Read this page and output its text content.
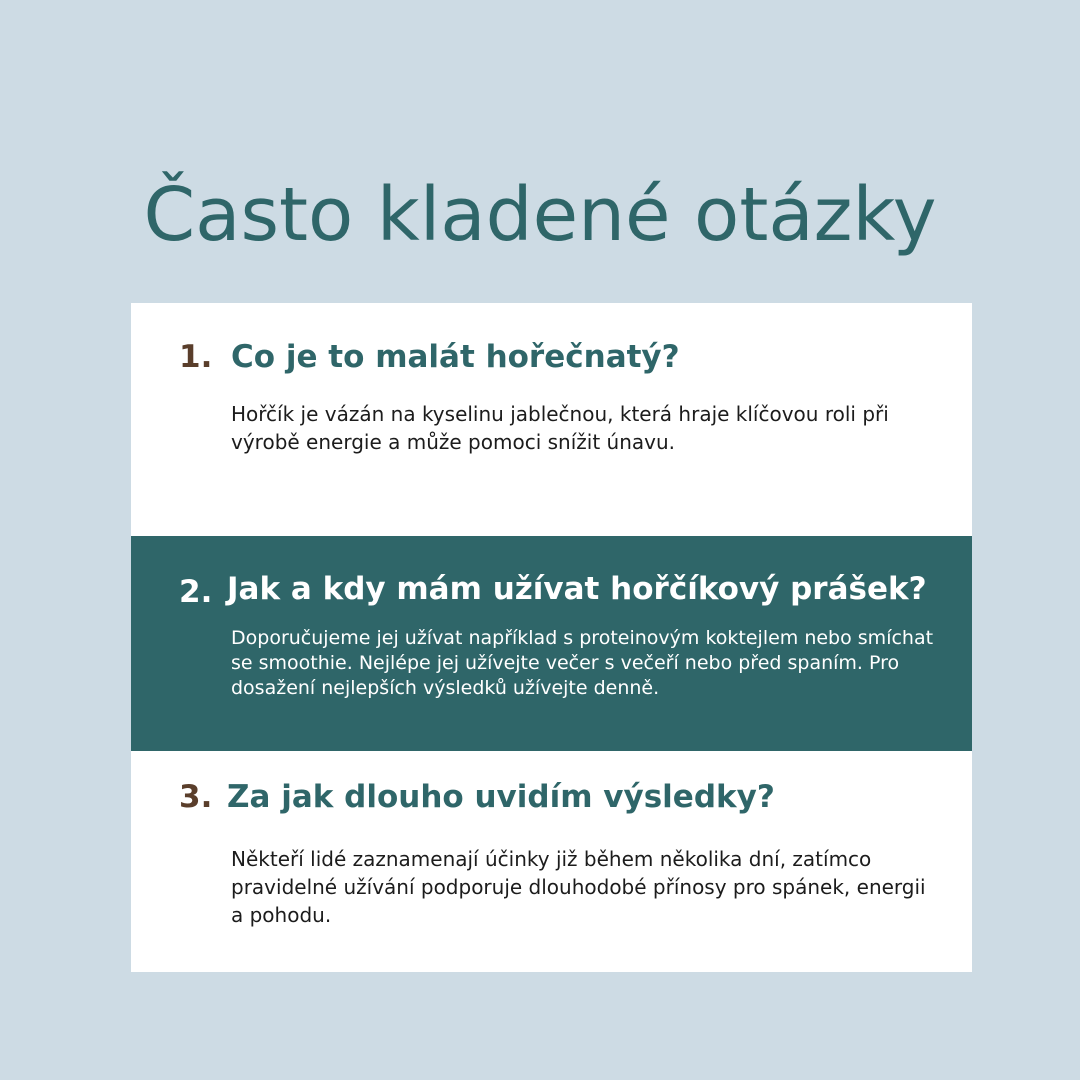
Často kladené otázky
1. Co je to malát hořečnatý?

Hořčík je vázán na kyselinu jablečnou, která hraje klíčovou roli při výrobě energie a může pomoci snížit únavu.

2. Jak a kdy mám užívat hořčíkový prášek?

Doporučujeme jej užívat například s proteinovým koktejlem nebo smíchat se smoothie. Nejlépe jej užívejte večer s večeří nebo před spaním. Pro dosažení nejlepších výsledků užívejte denně.

3. Za jak dlouho uvidím výsledky?

Někteří lidé zaznamenají účinky již během několika dní, zatímco pravidelné užívání podporuje dlouhodobé přínosy pro spánek, energii a pohodu.
